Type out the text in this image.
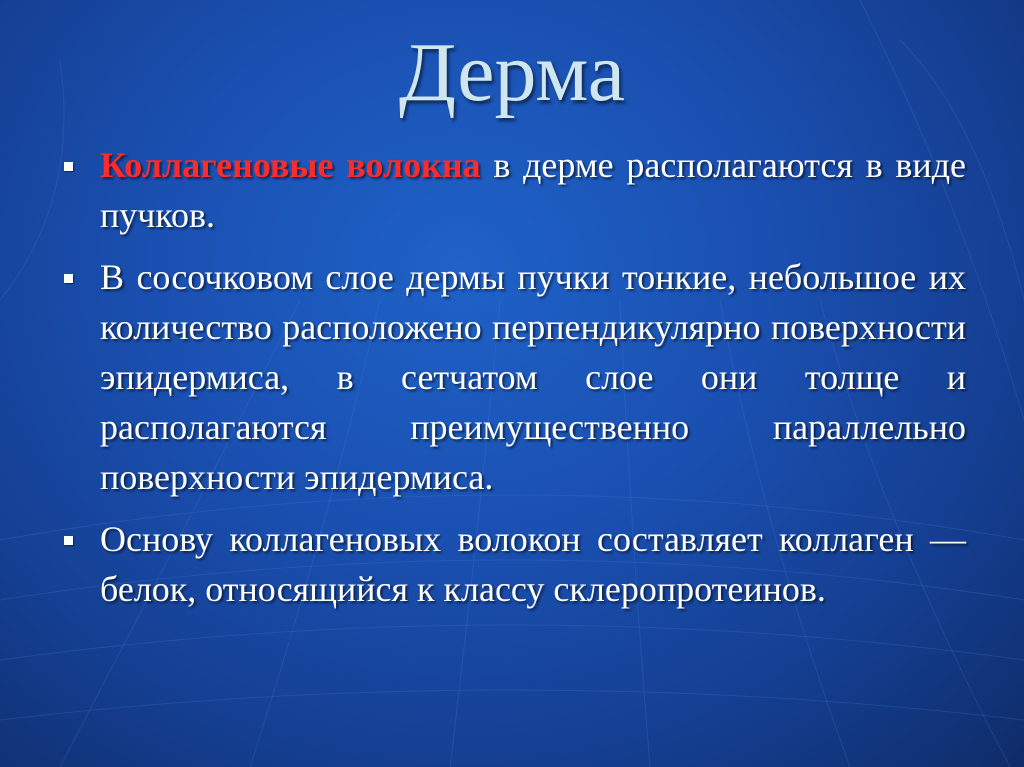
Дерма
Коллагеновые волокна в дерме располагаются в виде пучков.
В сосочковом слое дермы пучки тонкие, небольшое их количество расположено перпендикулярно поверхности эпидермиса, в сетчатом слое они толще и располагаются преимущественно параллельно поверхности эпидермиса.
Основу коллагеновых волокон составляет коллаген — белок, относящийся к классу склеропротеинов.
